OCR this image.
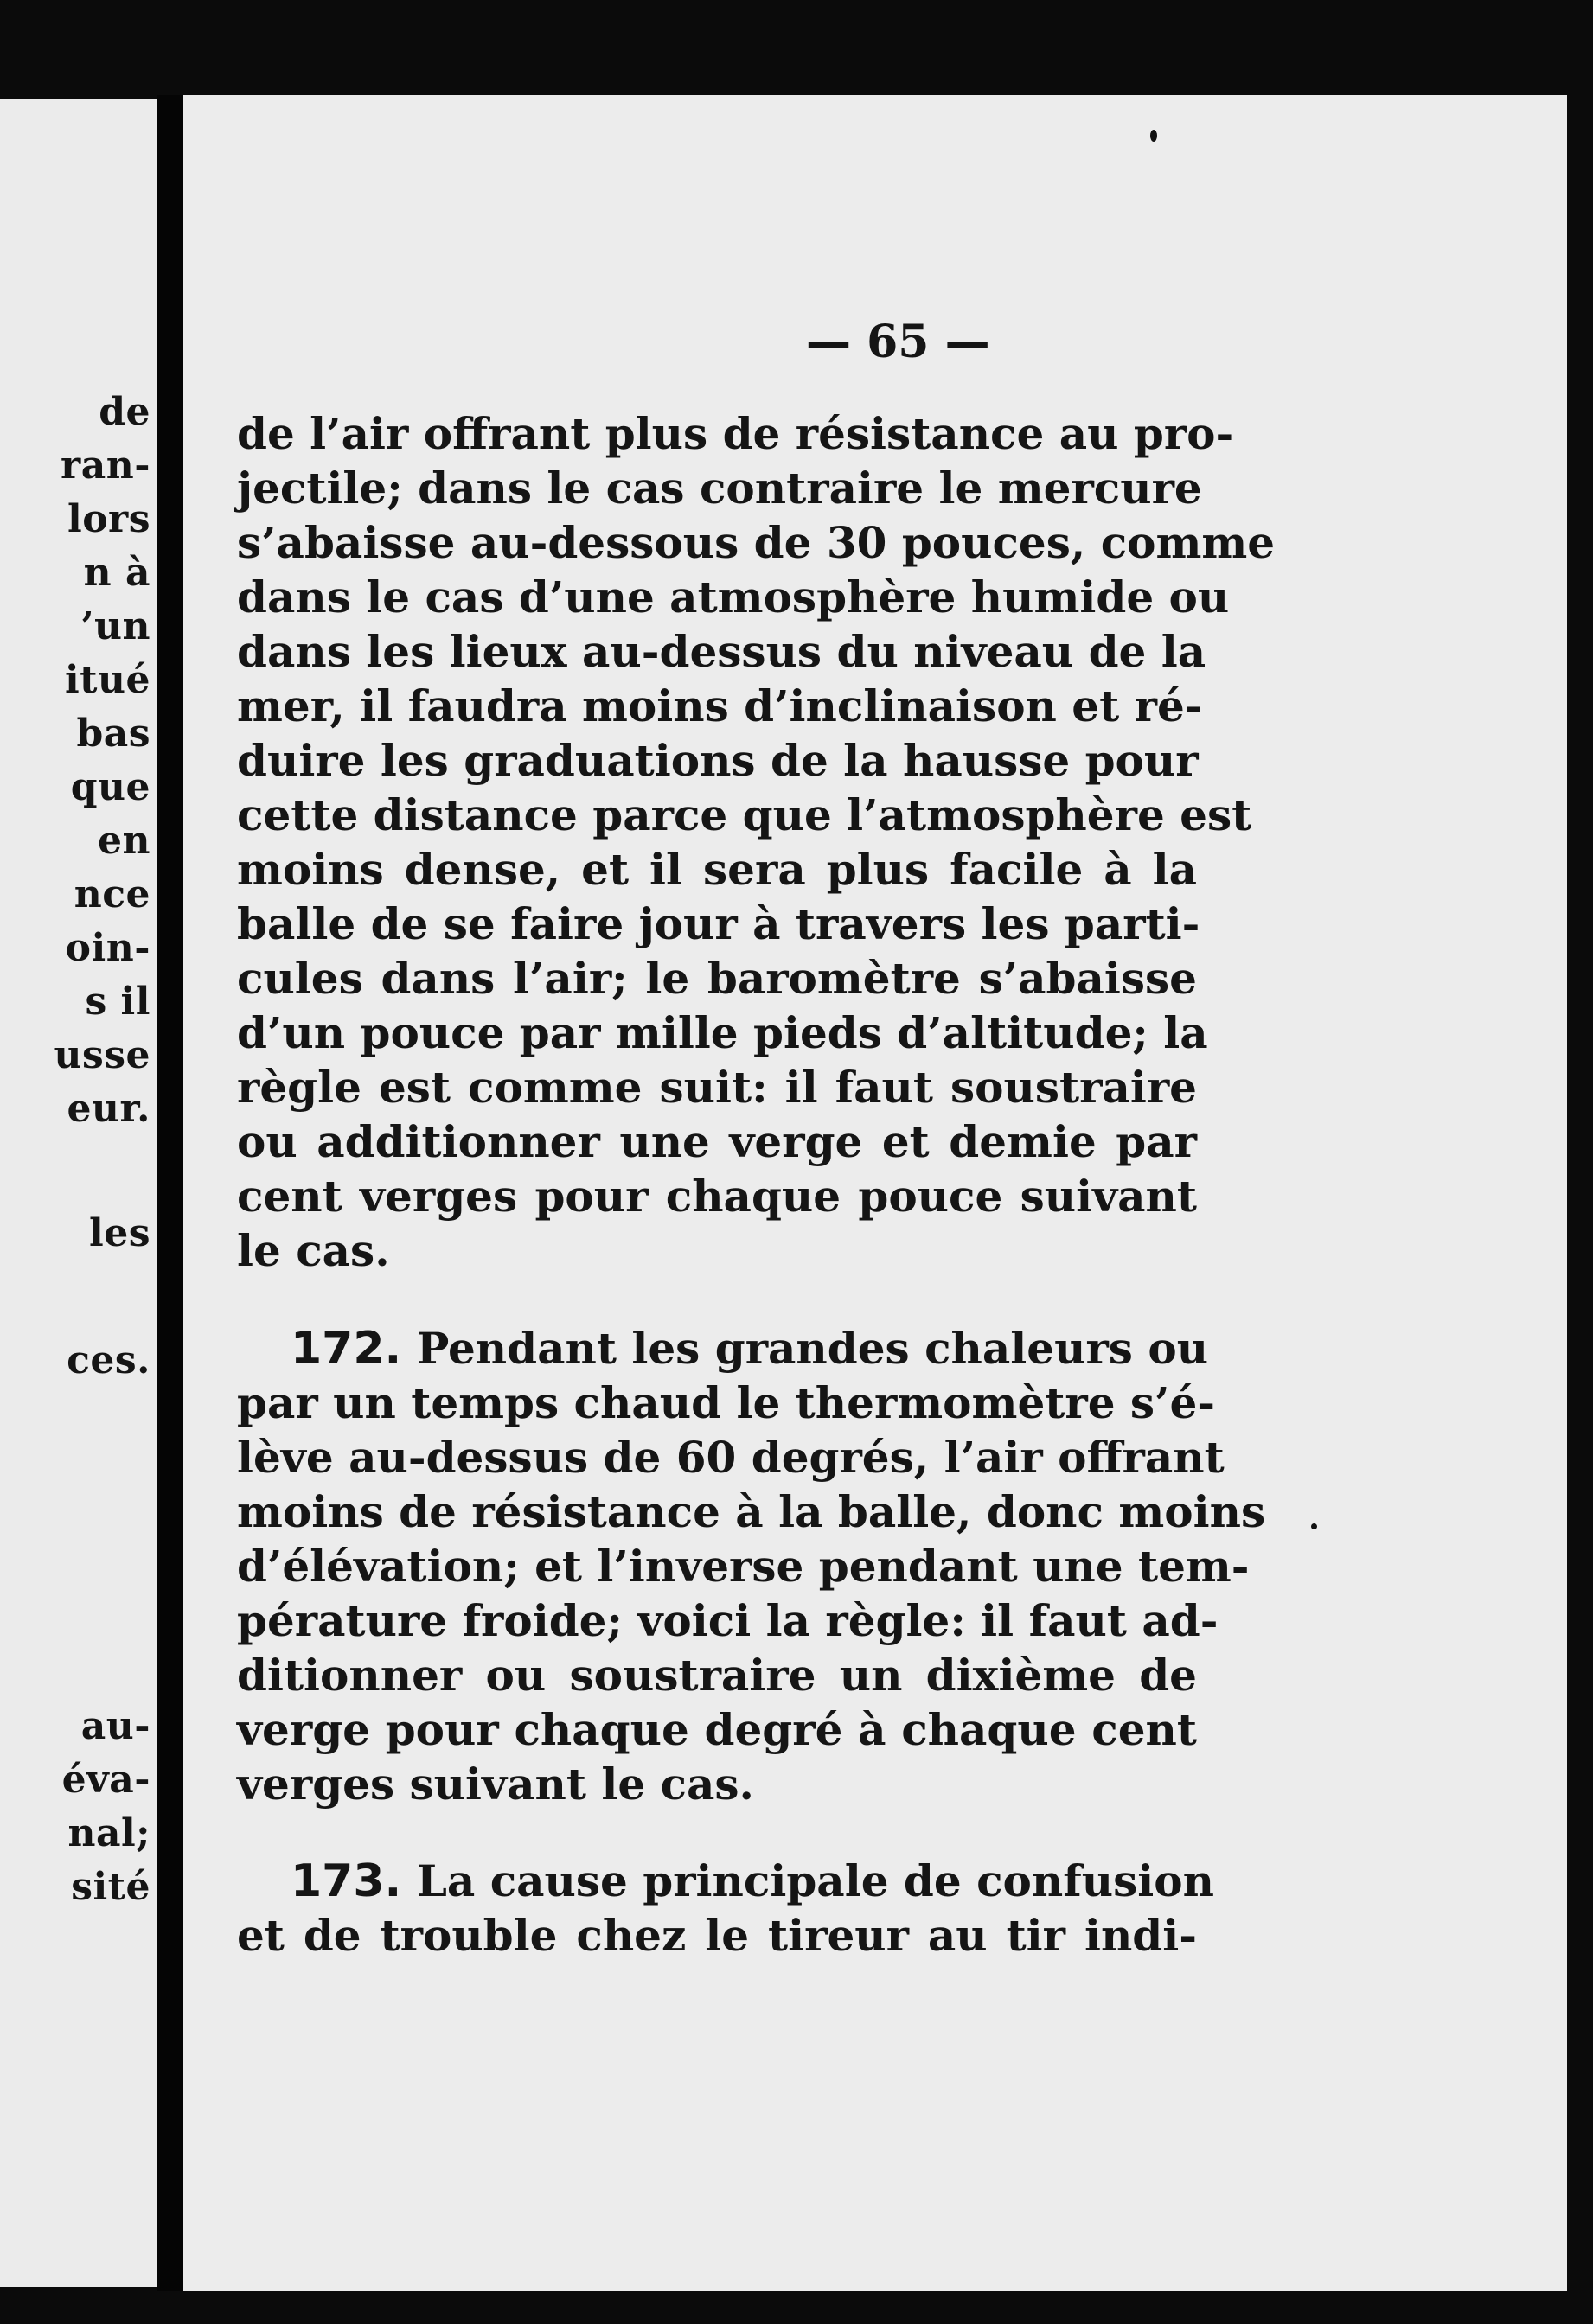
de
ran-
lors
n à
’un
itué
bas
que
en
nce
oin-
s il
usse
eur.
les
ces.
au-
éva-
nal;
sité
— 65 —
de l’air offrant plus de résistance au pro-
jectile; dans le cas contraire le mercure
s’abaisse au-dessous de 30 pouces, comme
dans le cas d’une atmosphère humide ou
dans les lieux au-dessus du niveau de la
mer, il faudra moins d’inclinaison et ré-
duire les graduations de la hausse pour
cette distance parce que l’atmosphère est
moins dense, et il sera plus facile à la
balle de se faire jour à travers les parti-
cules dans l’air; le baromètre s’abaisse
d’un pouce par mille pieds d’altitude; la
règle est comme suit: il faut soustraire
ou additionner une verge et demie par
cent verges pour chaque pouce suivant
le cas.
172. Pendant les grandes chaleurs ou
par un temps chaud le thermomètre s’é-
lève au-dessus de 60 degrés, l’air offrant
moins de résistance à la balle, donc moins
d’élévation; et l’inverse pendant une tem-
pérature froide; voici la règle: il faut ad-
ditionner ou soustraire un dixième de
verge pour chaque degré à chaque cent
verges suivant le cas.
173. La cause principale de confusion
et de trouble chez le tireur au tir indi-
